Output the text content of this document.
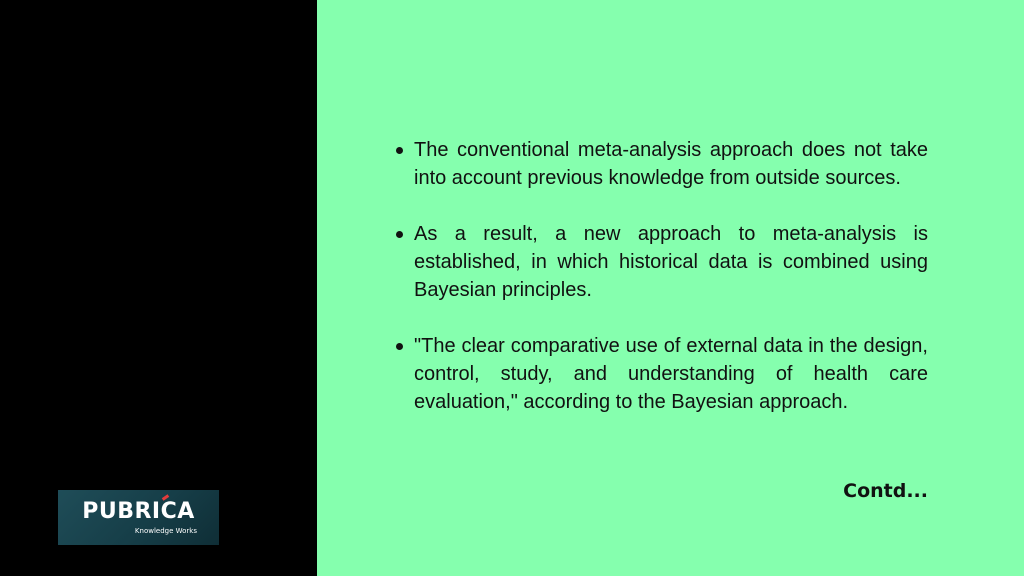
The conventional meta-analysis approach does not take into account previous knowledge from outside sources.
As a result, a new approach to meta-analysis is established, in which historical data is combined using Bayesian principles.
"The clear comparative use of external data in the design, control, study, and understanding of health care evaluation," according to the Bayesian approach.
Contd...
PUBRICA
Knowledge Works
